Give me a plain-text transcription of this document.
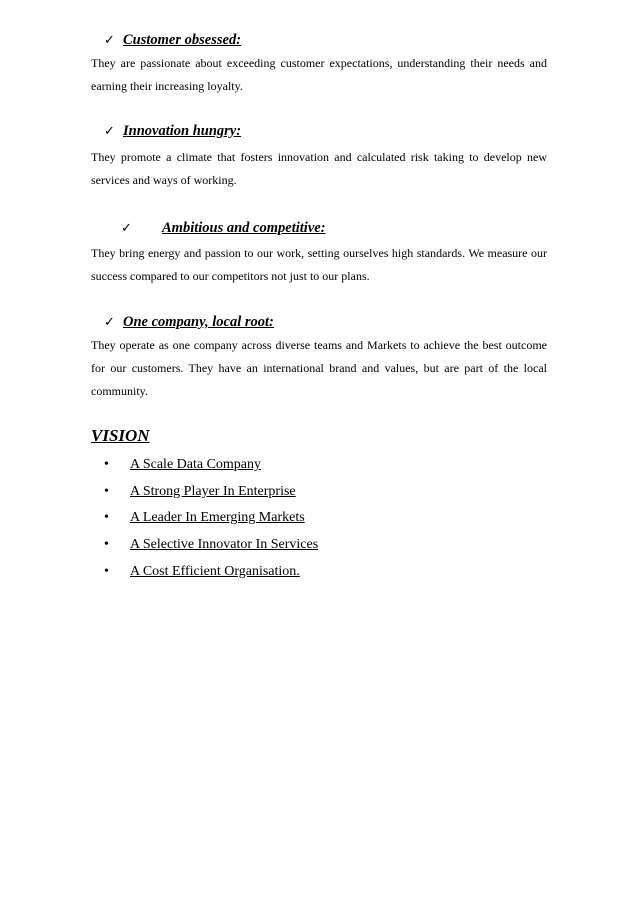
✓ Customer obsessed:

They are passionate about exceeding customer expectations, understanding their needs and earning their increasing loyalty.

✓ Innovation hungry:

They promote a climate that fosters innovation and calculated risk taking to develop new services and ways of working.

✓ Ambitious and competitive:

They bring energy and passion to our work, setting ourselves high standards. We measure our success compared to our competitors not just to our plans.

✓ One company, local root:

They operate as one company across diverse teams and Markets to achieve the best outcome for our customers. They have an international brand and values, but are part of the local community.

VISION
• A Scale Data Company
• A Strong Player In Enterprise
• A Leader In Emerging Markets
• A Selective Innovator In Services
• A Cost Efficient Organisation.
